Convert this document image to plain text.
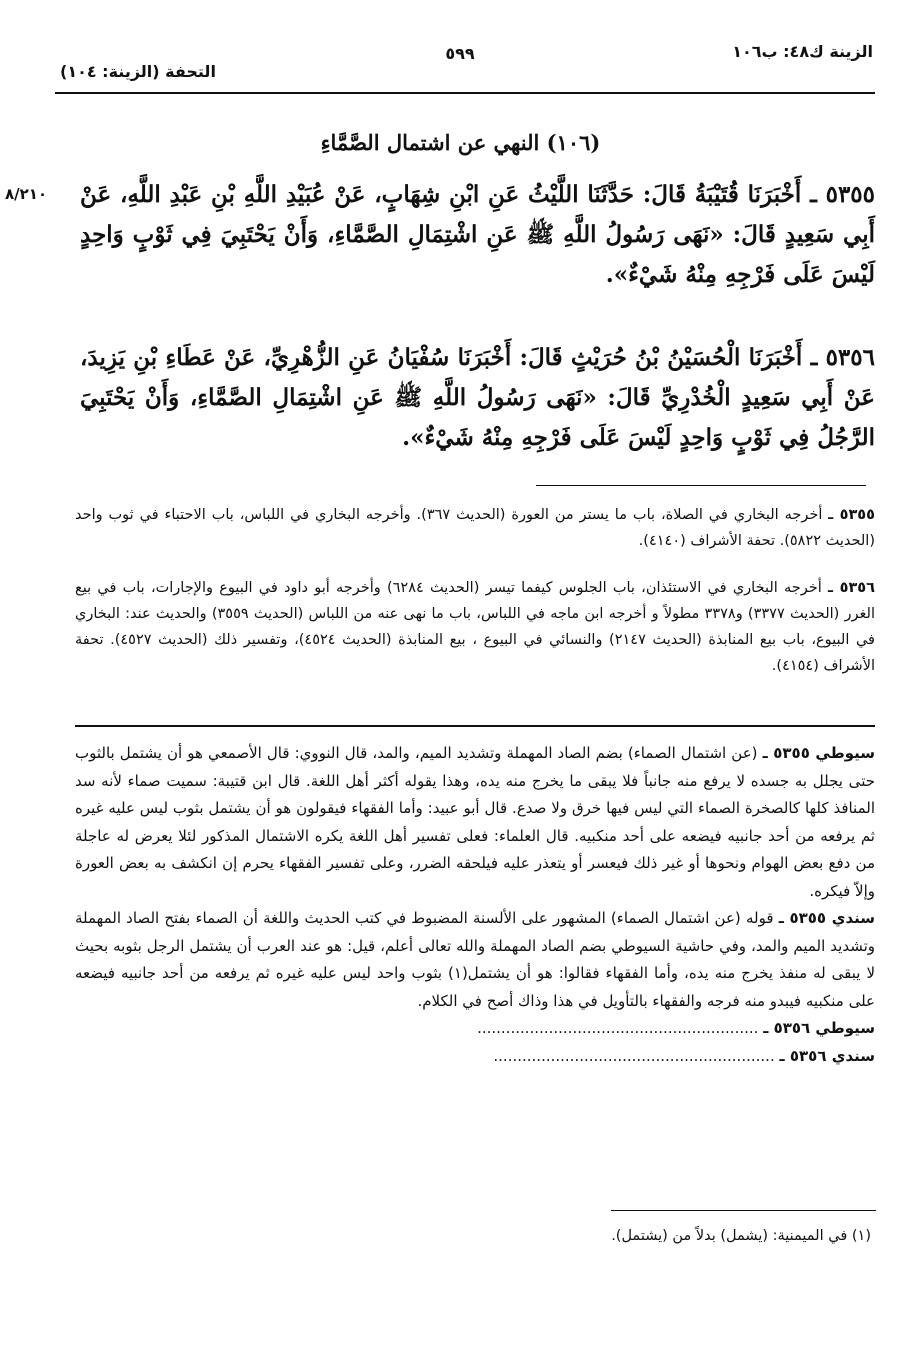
الزينة ك٤٨: ب١٠٦
٥٩٩
التحفة (الزينة: ١٠٤)
(١٠٦) النهي عن اشتمال الصَّمَّاءِ
٨/٢١٠	٥٣٥٥ ـ أَخْبَرَنَا قُتَيْبَةُ قَالَ: حَدَّثَنَا اللَّيْثُ عَنِ ابْنِ شِهَابٍ، عَنْ عُبَيْدِ اللَّهِ بْنِ عَبْدِ اللَّهِ، عَنْ أَبِي سَعِيدٍ قَالَ: «نَهَى رَسُولُ اللَّهِ ﷺ عَنِ اشْتِمَالِ الصَّمَّاءِ، وَأَنْ يَحْتَبِيَ فِي ثَوْبٍ وَاحِدٍ لَيْسَ عَلَى فَرْجِهِ مِنْهُ شَيْءٌ».
٥٣٥٦ ـ أَخْبَرَنَا الْحُسَيْنُ بْنُ حُرَيْثٍ قَالَ: أَخْبَرَنَا سُفْيَانُ عَنِ الزُّهْرِيِّ، عَنْ عَطَاءِ بْنِ يَزِيدَ، عَنْ أَبِي سَعِيدٍ الْخُدْرِيِّ قَالَ: «نَهَى رَسُولُ اللَّهِ ﷺ عَنِ اشْتِمَالِ الصَّمَّاءِ، وَأَنْ يَحْتَبِيَ الرَّجُلُ فِي ثَوْبٍ وَاحِدٍ لَيْسَ عَلَى فَرْجِهِ مِنْهُ شَيْءٌ».
٥٣٥٥ ـ أخرجه البخاري في الصلاة، باب ما يستر من العورة (الحديث ٣٦٧). وأخرجه البخاري في اللباس، باب الاحتباء في ثوب واحد (الحديث ٥٨٢٢). تحفة الأشراف (٤١٤٠).
٥٣٥٦ ـ أخرجه البخاري في الاستئذان، باب الجلوس كيفما تيسر (الحديث ٦٢٨٤) وأخرجه أبو داود في البيوع والإجارات، باب في بيع الغرر (الحديث ٣٣٧٧) و٣٣٧٨ مطولاً و أخرجه ابن ماجه في اللباس، باب ما نهى عنه من اللباس (الحديث ٣٥٥٩) والحديث عند: البخاري في البيوع، باب بيع المنابذة (الحديث ٢١٤٧) والنسائي في البيوع ، بيع المنابذة (الحديث ٤٥٢٤)، وتفسير ذلك (الحديث ٤٥٢٧). تحفة الأشراف (٤١٥٤).

سيوطي ٥٣٥٥ ـ (عن اشتمال الصماء) بضم الصاد المهملة وتشديد الميم، والمد، قال النووي: قال الأصمعي هو أن يشتمل بالثوب حتى يجلل به جسده لا يرفع منه جانباً فلا يبقى ما يخرج منه يده، وهذا يقوله أكثر أهل اللغة. قال ابن قتيبة: سميت صماء لأنه سد المنافذ كلها كالصخرة الصماء التي ليس فيها خرق ولا صدع. قال أبو عبيد: وأما الفقهاء فيقولون هو أن يشتمل بثوب ليس عليه غيره ثم يرفعه من أحد جانبيه فيضعه على أحد منكبيه. قال العلماء: فعلى تفسير أهل اللغة يكره الاشتمال المذكور لئلا يعرض له عاجلة من دفع بعض الهوام ونحوها أو غير ذلك فيعسر أو يتعذر عليه فيلحقه الضرر، وعلى تفسير الفقهاء يحرم إن انكشف به بعض العورة وإلاّ فيكره.

سندي ٥٣٥٥ ـ قوله (عن اشتمال الصماء) المشهور على الألسنة المضبوط في كتب الحديث واللغة أن الصماء بفتح الصاد المهملة وتشديد الميم والمد، وفي حاشية السيوطي بضم الصاد المهملة والله تعالى أعلم، قيل: هو عند العرب أن يشتمل الرجل بثوبه بحيث لا يبقى له منفذ يخرج منه يده، وأما الفقهاء فقالوا: هو أن يشتمل(١) بثوب واحد ليس عليه غيره ثم يرفعه من أحد جانبيه فيضعه على منكبيه فيبدو منه فرجه والفقهاء بالتأويل في هذا وذاك أصح في الكلام.

سيوطي ٥٣٥٦ ـ ...........................................................

سندي ٥٣٥٦ ـ ...........................................................

(١) في الميمنية: (يشمل) بدلاً من (يشتمل).
